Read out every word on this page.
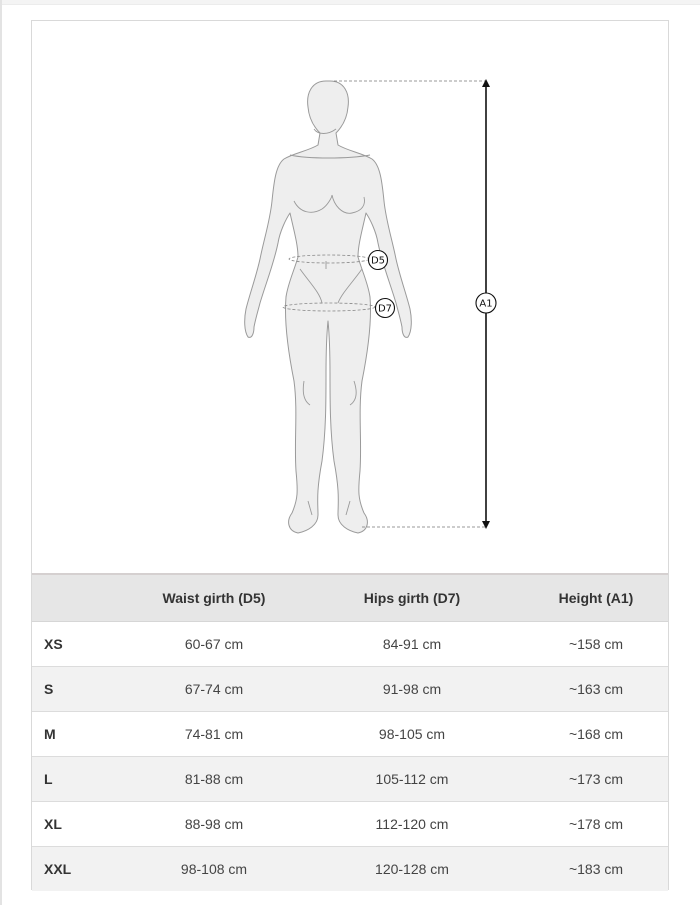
D5
D7	A1
	Waist girth (D5)	Hips girth (D7)	Height (A1)
XS	60-67 cm	84-91 cm	~158 cm
S	67-74 cm	91-98 cm	~163 cm
M	74-81 cm	98-105 cm	~168 cm
L	81-88 cm	105-112 cm	~173 cm
XL	88-98 cm	112-120 cm	~178 cm
XXL	98-108 cm	120-128 cm	~183 cm
